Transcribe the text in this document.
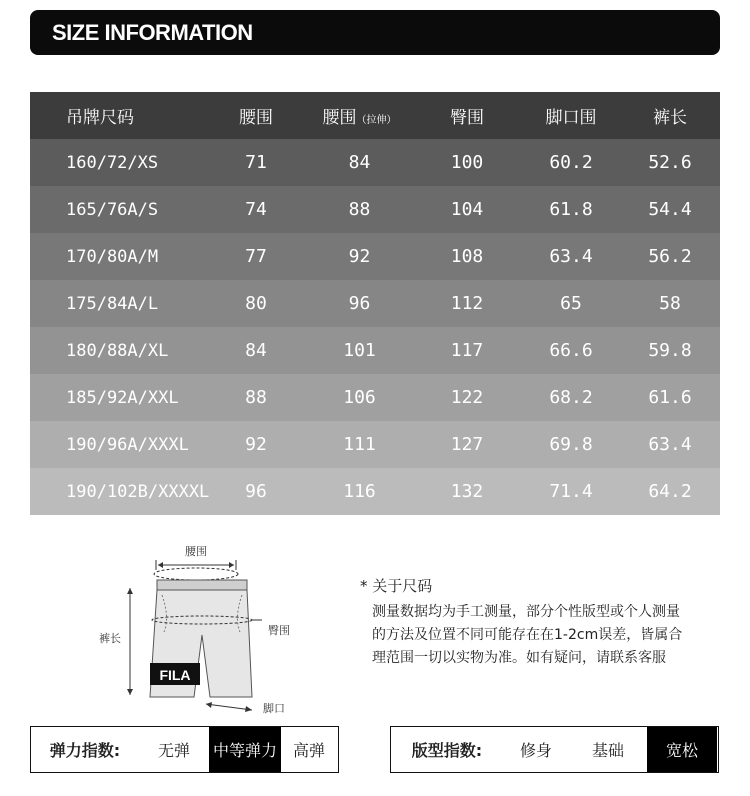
SIZE INFORMATION
吊牌尺码	腰围	腰围（拉伸）	臀围	脚口围	裤长
160/72/XS	71	84	100	60.2	52.6
165/76A/S	74	88	104	61.8	54.4
170/80A/M	77	92	108	63.4	56.2
175/84A/L	80	96	112	65	58
180/88A/XL	84	101	117	66.6	59.8
185/92A/XXL	88	106	122	68.2	61.6
190/96A/XXXL	92	111	127	69.8	63.4
190/102B/XXXXL	96	116	132	71.4	64.2
腰围
FILA
裤长
臀围
脚口
* 关于尺码
测量数据均为手工测量，部分个性版型或个人测量
的方法及位置不同可能存在在1-2cm误差，皆属合
理范围一切以实物为准。如有疑问，请联系客服
弹力指数:	无弹	中等弹力 高弹	版型指数:	修身	基础	宽松
